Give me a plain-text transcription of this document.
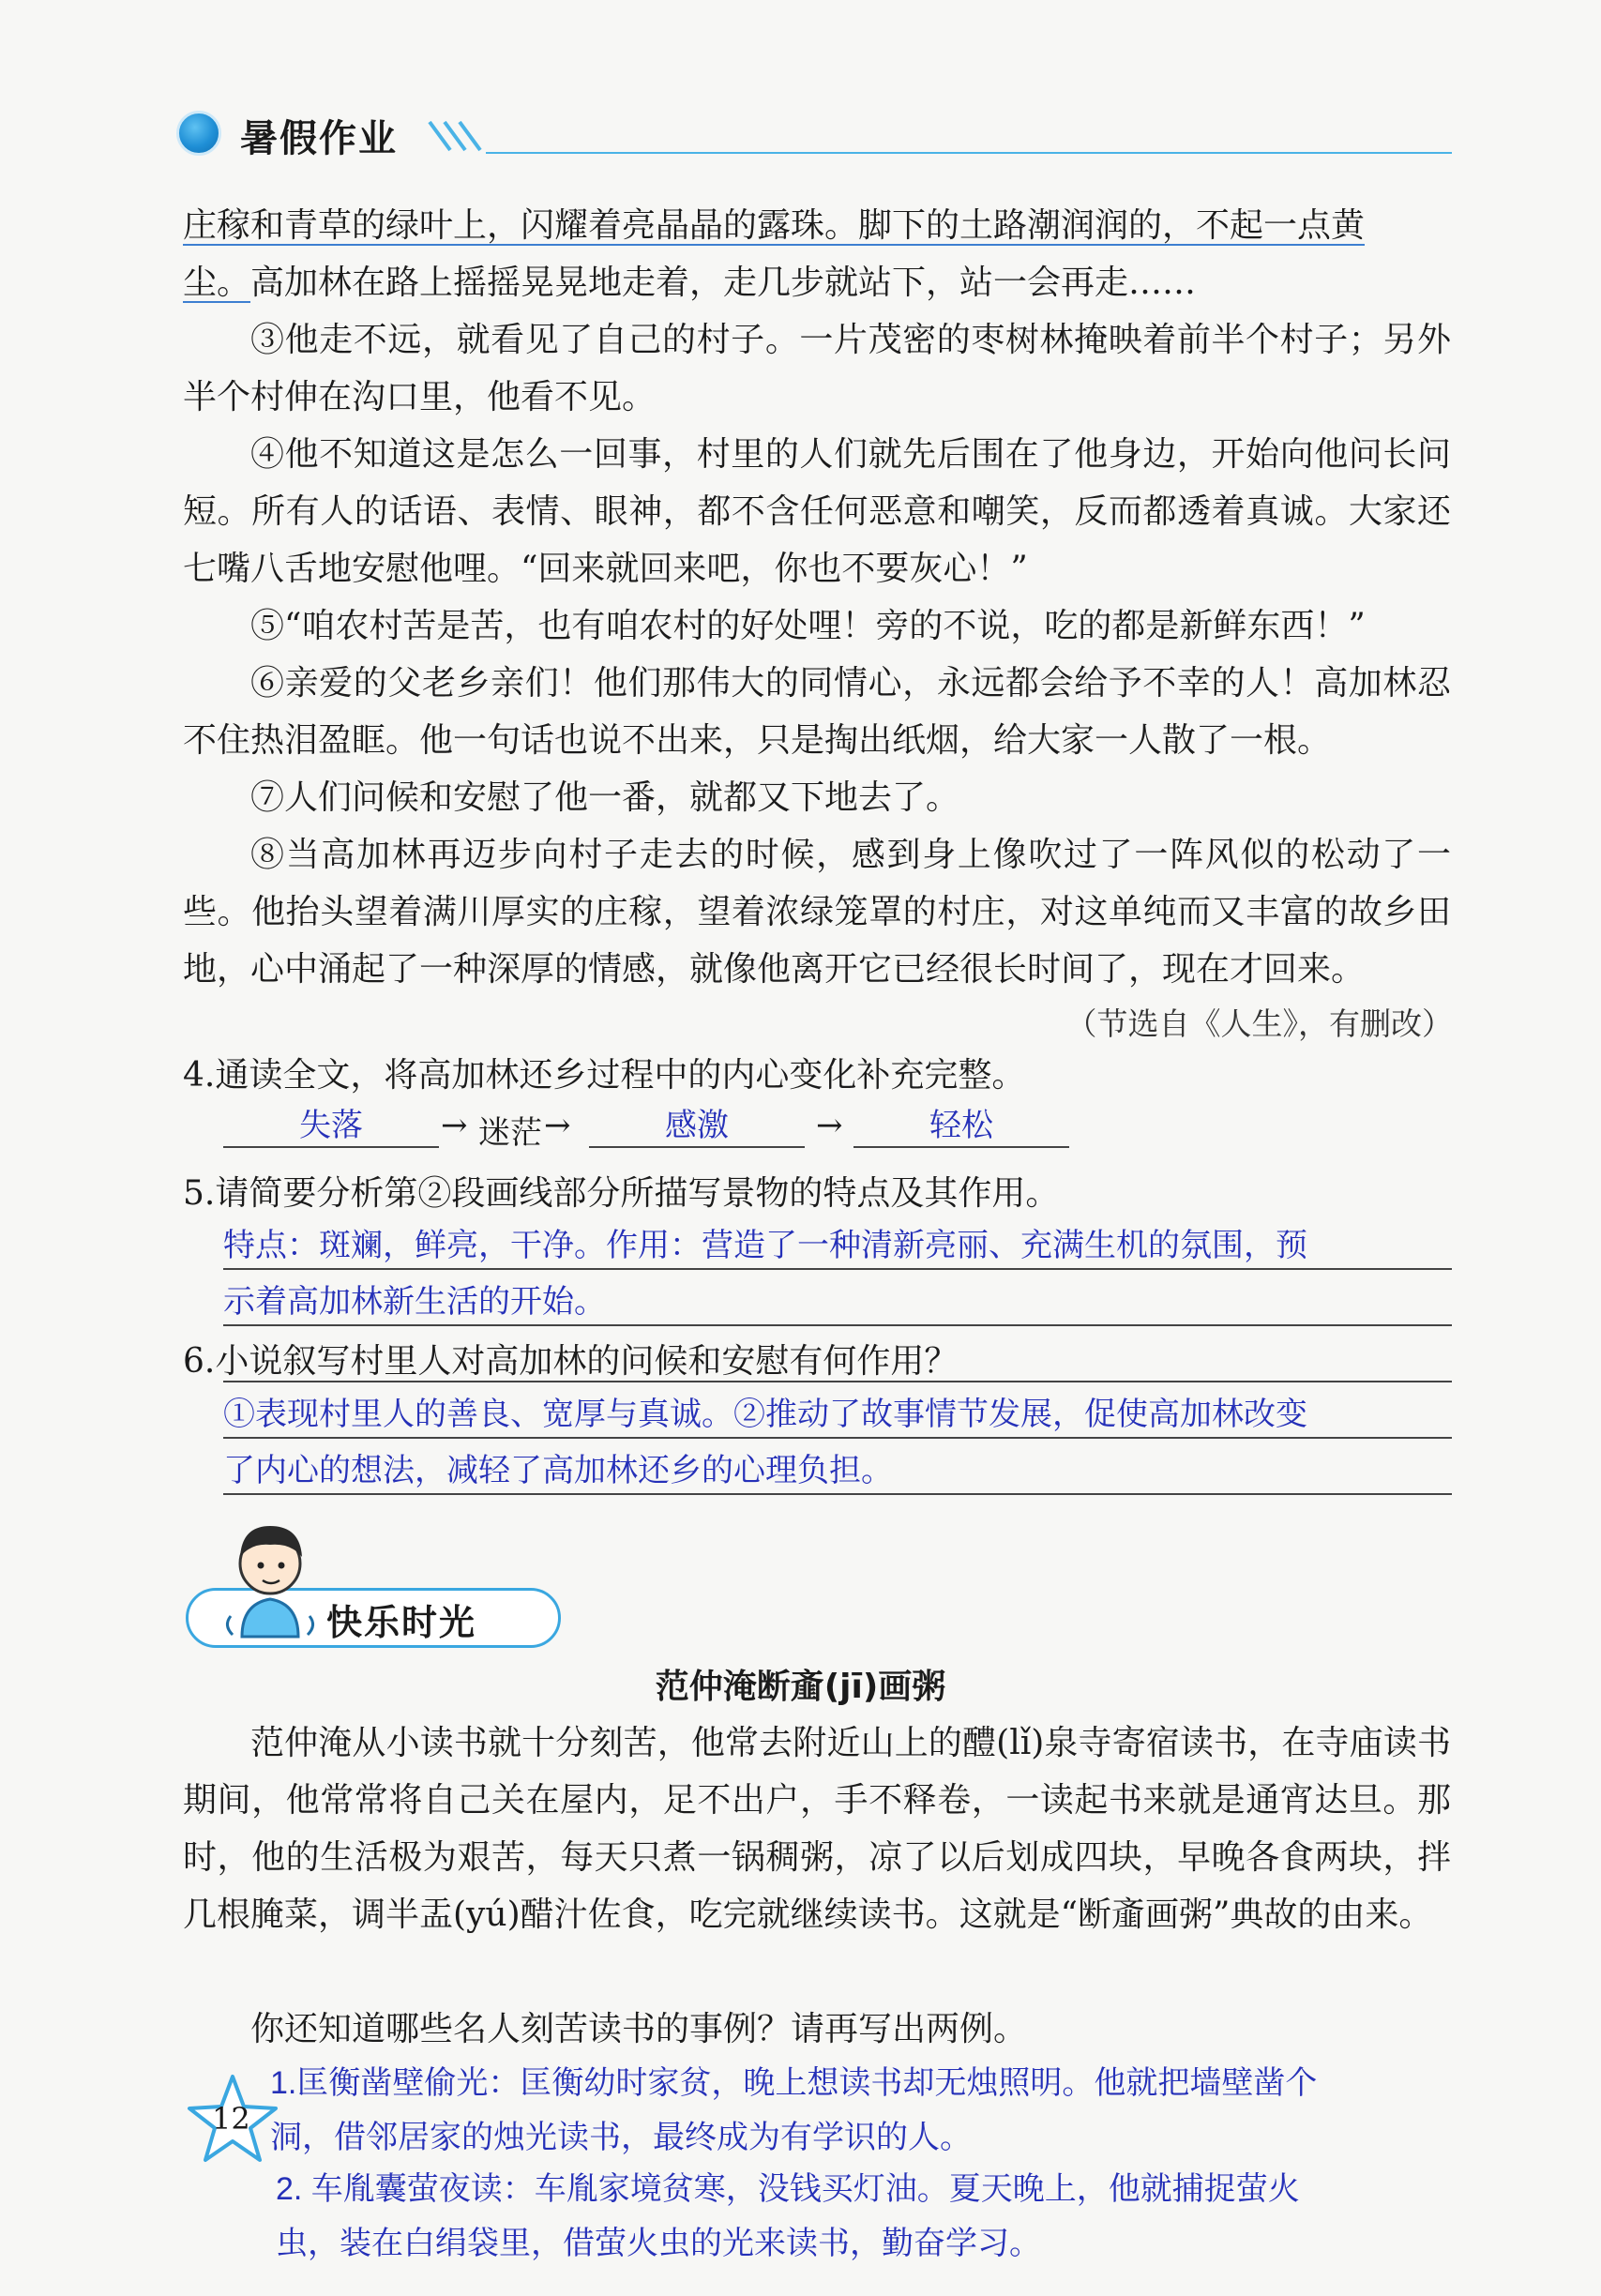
暑假作业
庄稼和青草的绿叶上，闪耀着亮晶晶的露珠。脚下的土路潮润润的，不起一点黄
尘。高加林在路上摇摇晃晃地走着，走几步就站下，站一会再走……
③他走不远，就看见了自己的村子。一片茂密的枣树林掩映着前半个村子；另外半个村伸在沟口里，他看不见。
④他不知道这是怎么一回事，村里的人们就先后围在了他身边，开始向他问长问短。所有人的话语、表情、眼神，都不含任何恶意和嘲笑，反而都透着真诚。大家还七嘴八舌地安慰他哩。“回来就回来吧，你也不要灰心！”
⑤“咱农村苦是苦，也有咱农村的好处哩！旁的不说，吃的都是新鲜东西！”
⑥亲爱的父老乡亲们！他们那伟大的同情心，永远都会给予不幸的人！高加林忍不住热泪盈眶。他一句话也说不出来，只是掏出纸烟，给大家一人散了一根。
⑦人们问候和安慰了他一番，就都又下地去了。
⑧当高加林再迈步向村子走去的时候，感到身上像吹过了一阵风似的松动了一些。他抬头望着满川厚实的庄稼，望着浓绿笼罩的村庄，对这单纯而又丰富的故乡田地，心中涌起了一种深厚的情感，就像他离开它已经很长时间了，现在才回来。
（节选自《人生》，有删改）
4.通读全文，将高加林还乡过程中的内心变化补充完整。
失落	→ 迷茫 →	感激	→	轻松
5.请简要分析第②段画线部分所描写景物的特点及其作用。
特点：斑斓，鲜亮，干净。作用：营造了一种清新亮丽、充满生机的氛围，预
示着高加林新生活的开始。
6.小说叙写村里人对高加林的问候和安慰有何作用？
①表现村里人的善良、宽厚与真诚。②推动了故事情节发展，促使高加林改变
了内心的想法，减轻了高加林还乡的心理负担。
快乐时光
范仲淹断齑(jī)画粥
范仲淹从小读书就十分刻苦，他常去附近山上的醴(lǐ)泉寺寄宿读书，在寺庙读书期间，他常常将自己关在屋内，足不出户，手不释卷，一读起书来就是通宵达旦。那时，他的生活极为艰苦，每天只煮一锅稠粥，凉了以后划成四块，早晚各食两块，拌几根腌菜，调半盂(yú)醋汁佐食，吃完就继续读书。这就是“断齑画粥”典故的由来。
你还知道哪些名人刻苦读书的事例？请再写出两例。
1.匡衡凿壁偷光：匡衡幼时家贫，晚上想读书却无烛照明。他就把墙壁凿个
洞，借邻居家的烛光读书，最终成为有学识的人。
2. 车胤囊萤夜读：车胤家境贫寒，没钱买灯油。夏天晚上，他就捕捉萤火
虫，装在白绢袋里，借萤火虫的光来读书，勤奋学习。
12
